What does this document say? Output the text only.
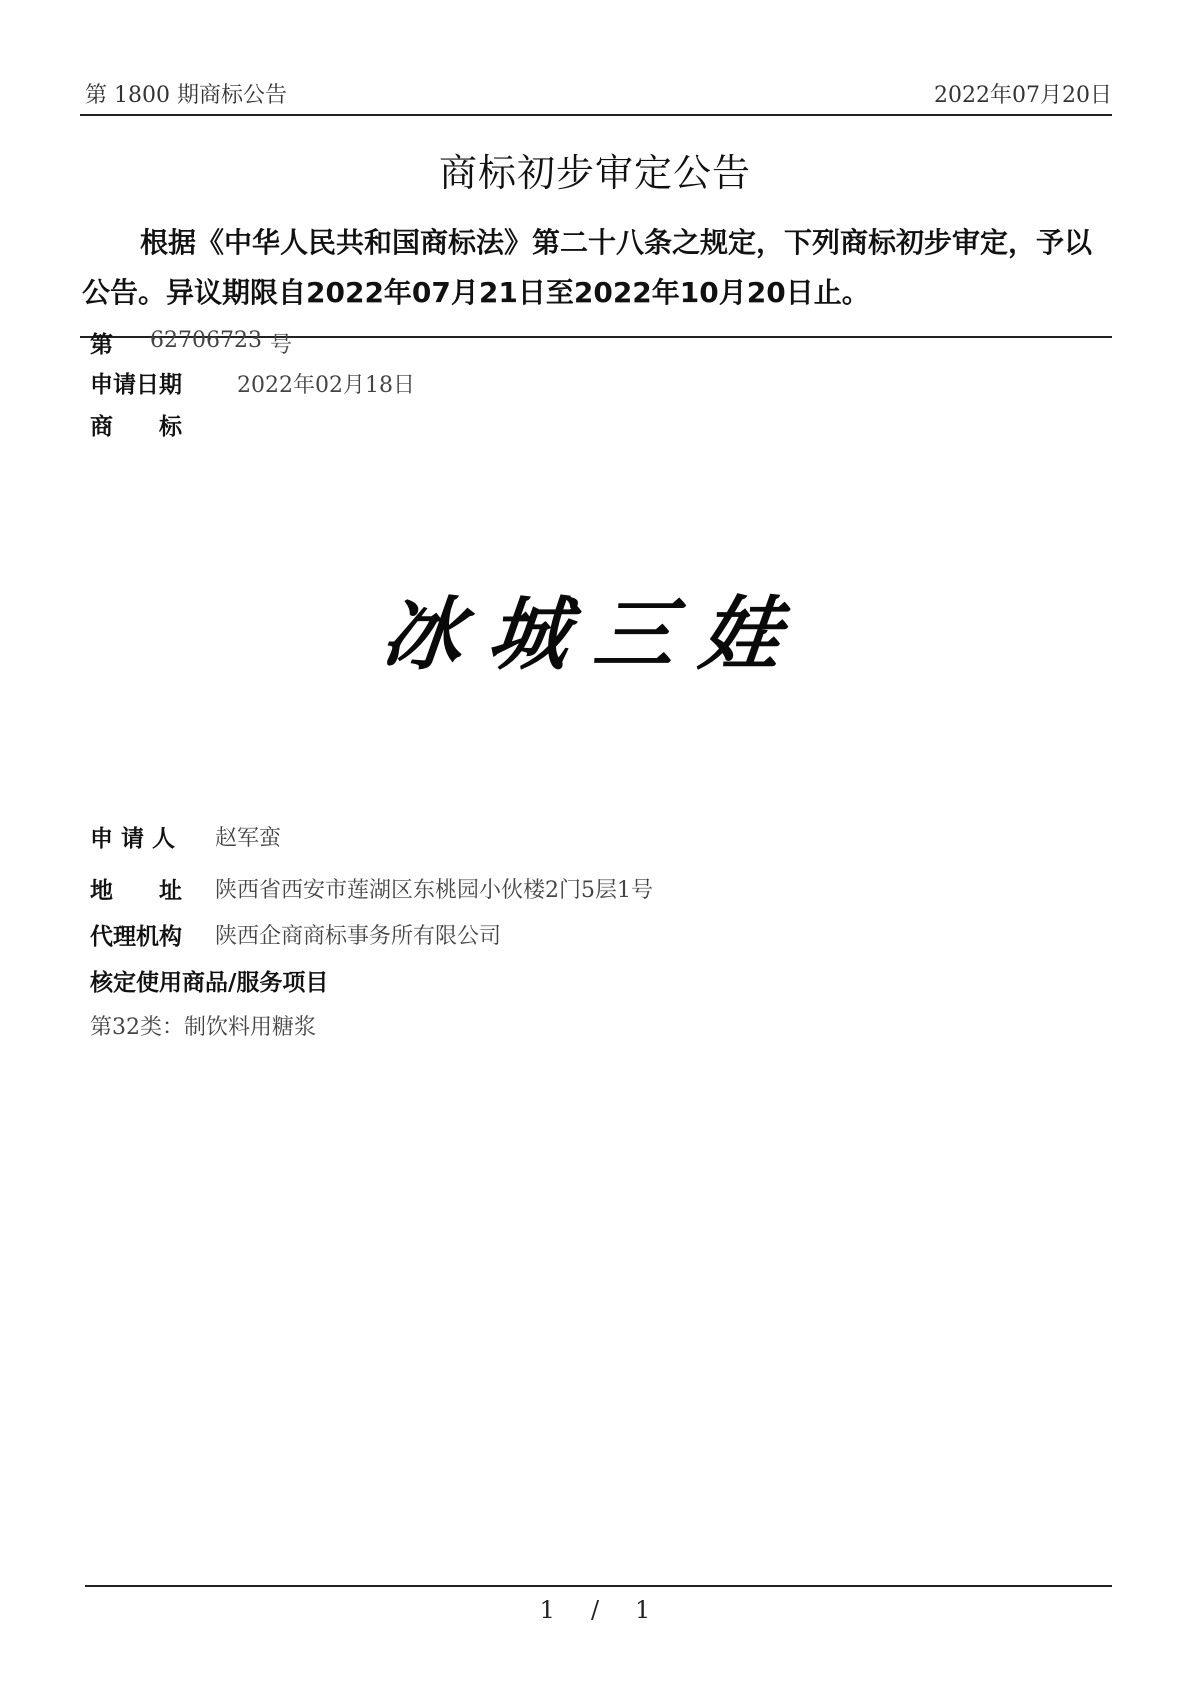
第 1800 期商标公告	2022年07月20日
商标初步审定公告

根据《中华人民共和国商标法》第二十八条之规定，下列商标初步审定，予以公告。异议期限自2022年07月21日至2022年10月20日止。

第 62706723 号
申请日期	2022年02月18日
商　　标
冰城三娃
申 请 人 赵军蛮
地　　址 陕西省西安市莲湖区东桃园小伙楼2门5层1号
代理机构 陕西企商商标事务所有限公司
核定使用商品/服务项目
第32类：制饮料用糖浆
1 / 1
